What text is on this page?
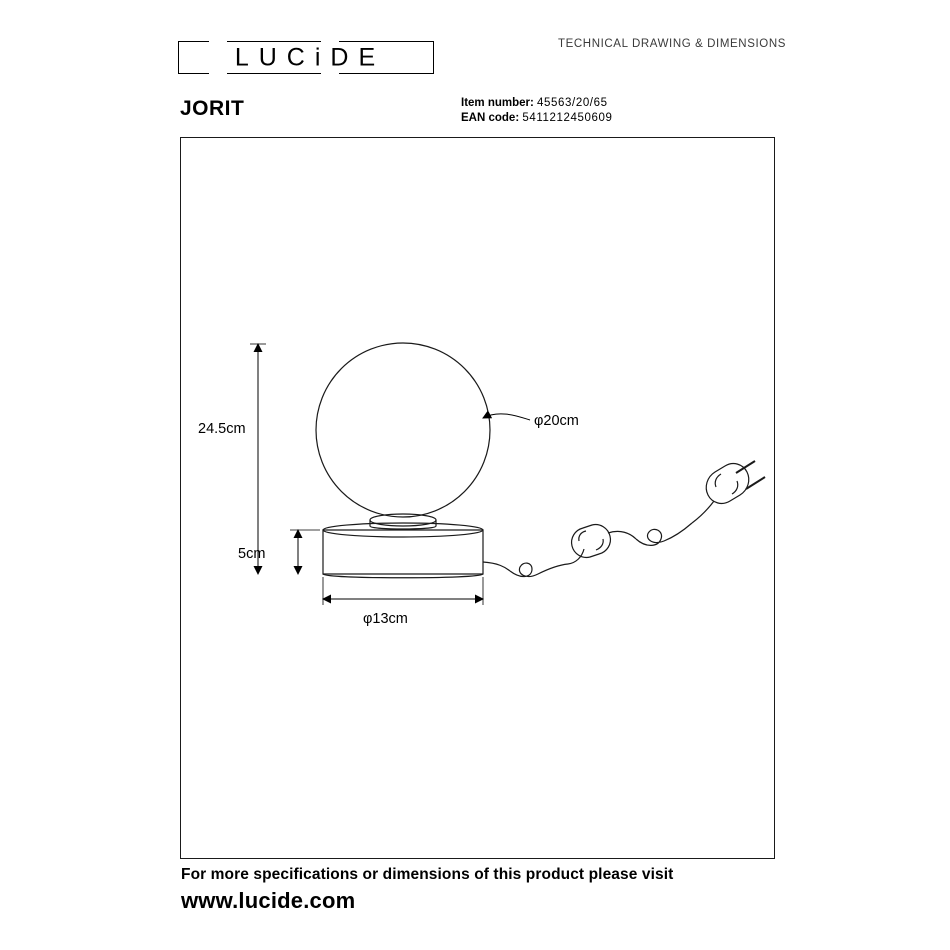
LUCiDE	TECHNICAL DRAWING & DIMENSIONS
JORIT	Item number: 45563/20/65
EAN code: 5411212450609
24.5cm
5cm
φ20cm
φ13cm
For more specifications or dimensions of this product please visit
www.lucide.com
